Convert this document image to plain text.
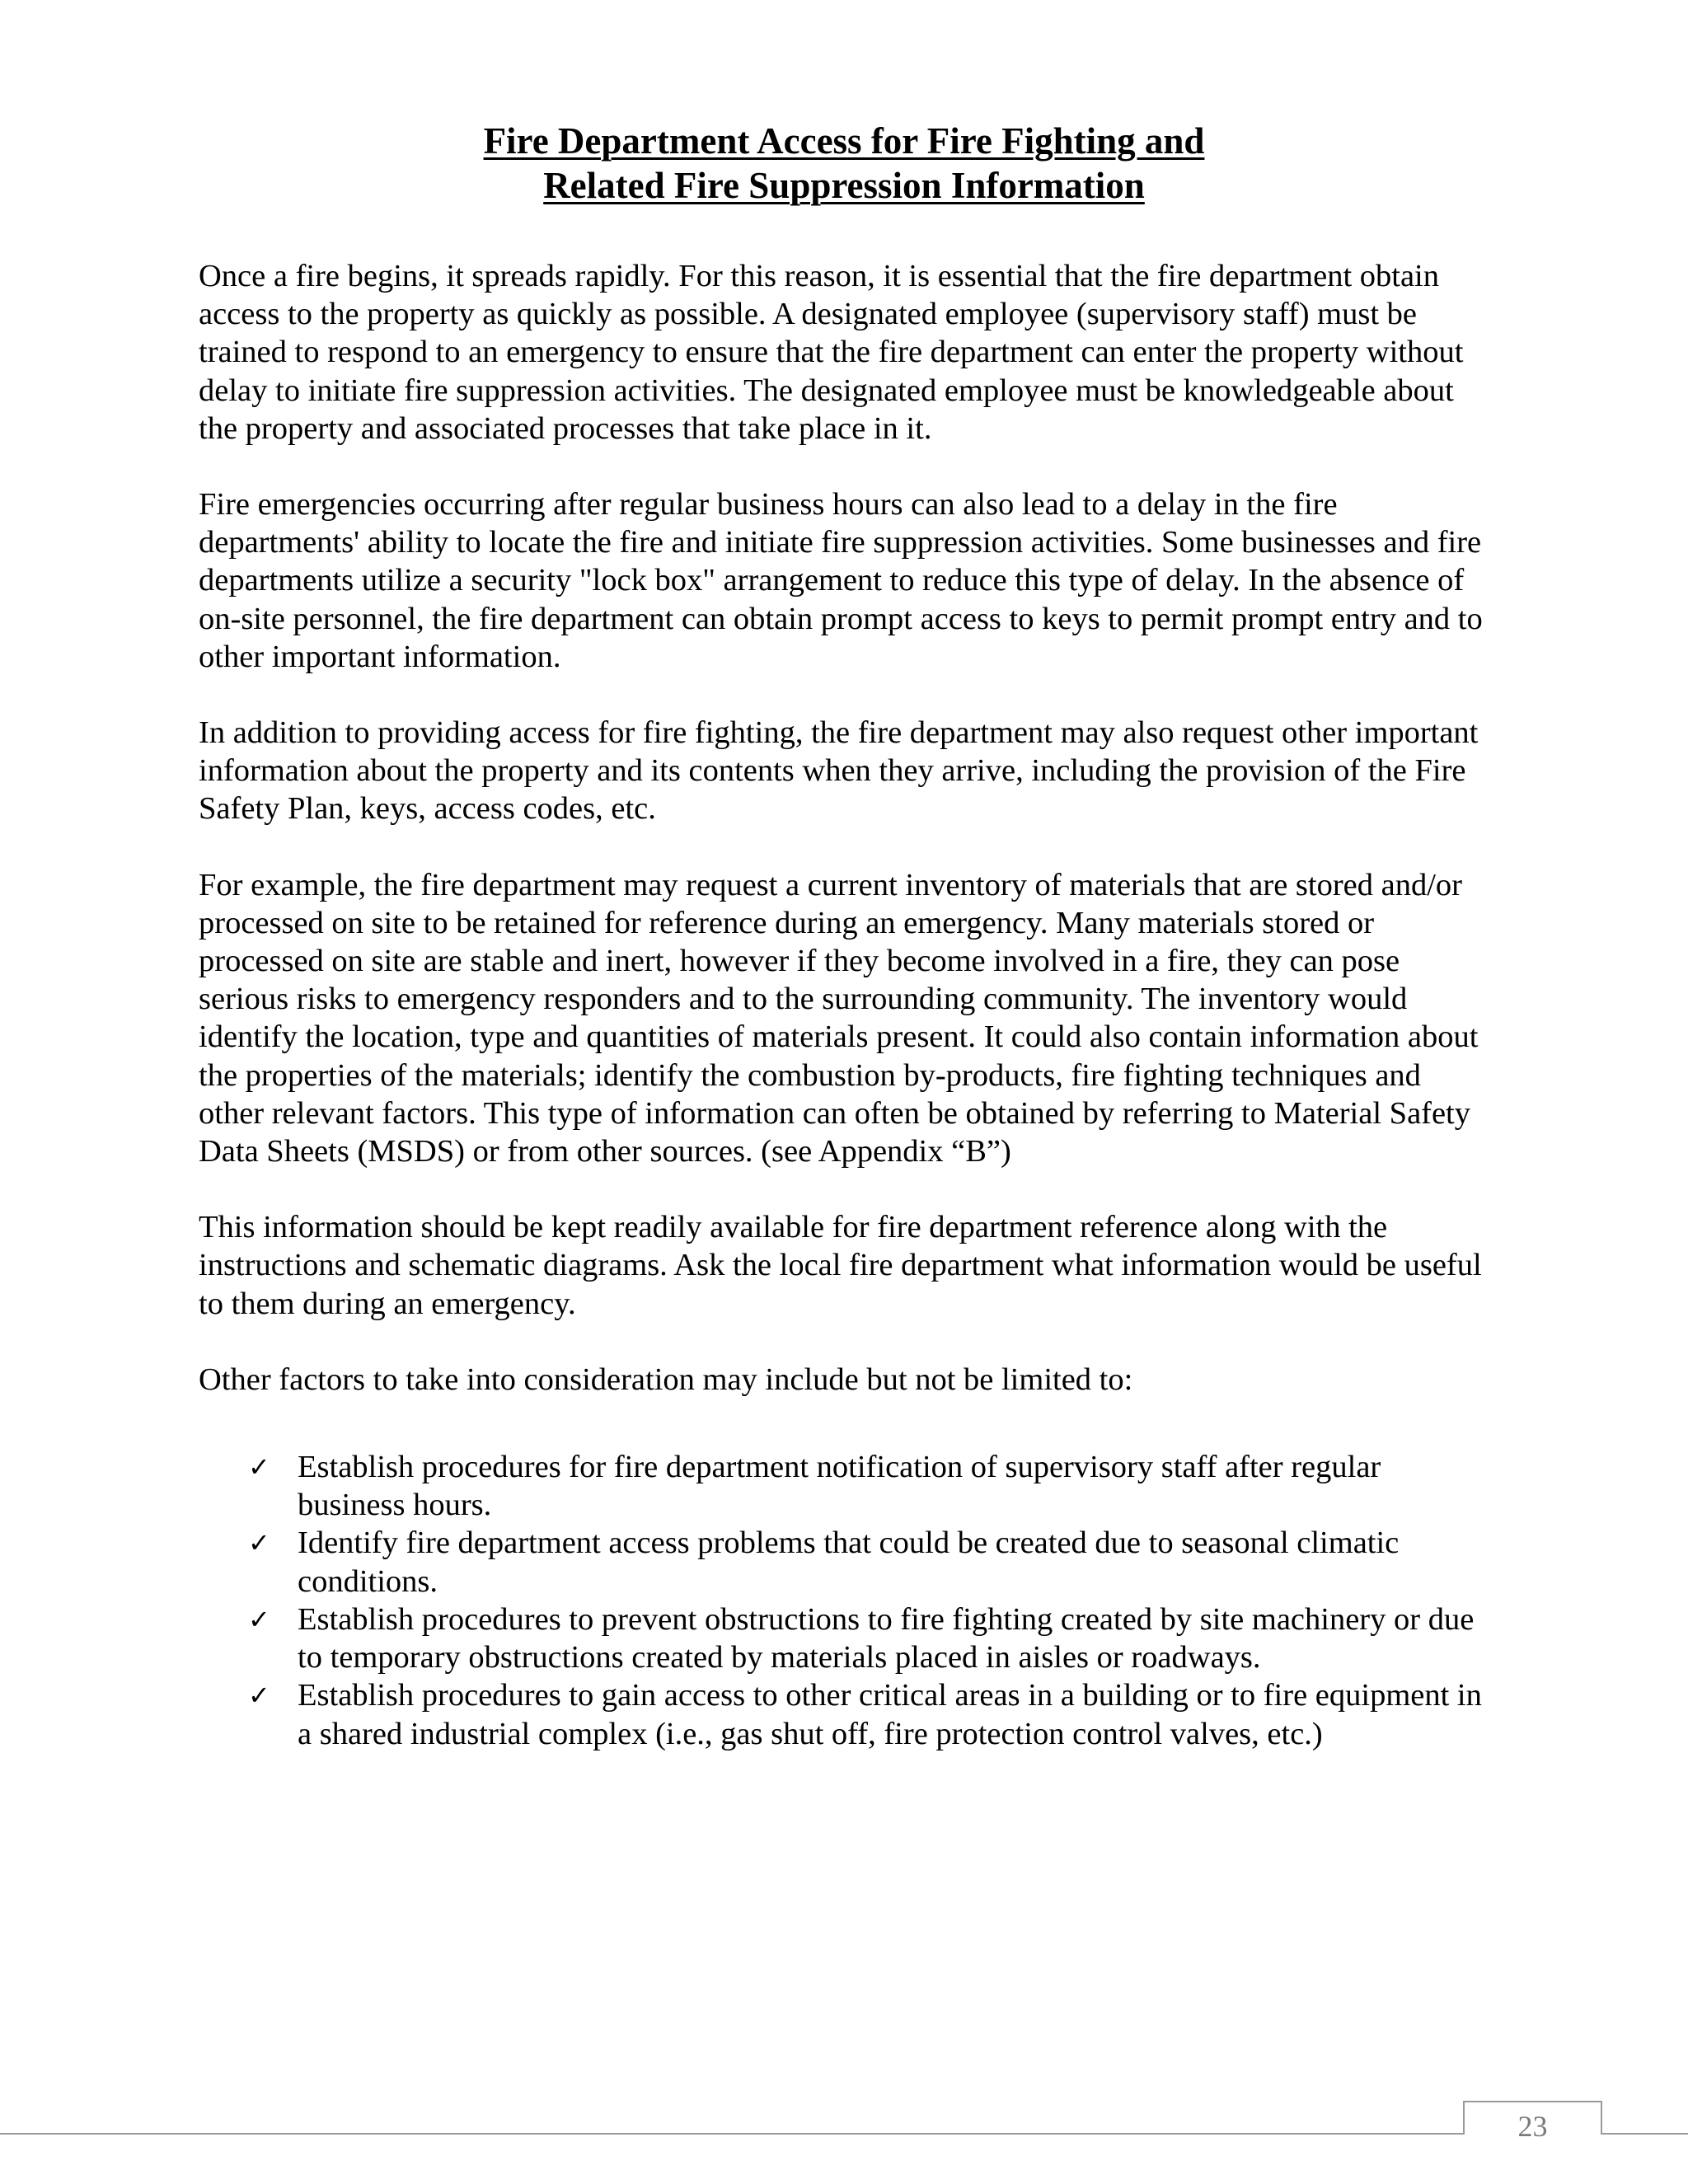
Fire Department Access for Fire Fighting and
Related Fire Suppression Information

Once a fire begins, it spreads rapidly. For this reason, it is essential that the fire department obtain access to the property as quickly as possible. A designated employee (supervisory staff) must be trained to respond to an emergency to ensure that the fire department can enter the property without delay to initiate fire suppression activities. The designated employee must be knowledgeable about the property and associated processes that take place in it.

Fire emergencies occurring after regular business hours can also lead to a delay in the fire departments' ability to locate the fire and initiate fire suppression activities. Some businesses and fire departments utilize a security "lock box" arrangement to reduce this type of delay. In the absence of on-site personnel, the fire department can obtain prompt access to keys to permit prompt entry and to other important information.

In addition to providing access for fire fighting, the fire department may also request other important information about the property and its contents when they arrive, including the provision of the Fire Safety Plan, keys, access codes, etc.

For example, the fire department may request a current inventory of materials that are stored and/or processed on site to be retained for reference during an emergency. Many materials stored or processed on site are stable and inert, however if they become involved in a fire, they can pose serious risks to emergency responders and to the surrounding community. The inventory would identify the location, type and quantities of materials present. It could also contain information about the properties of the materials; identify the combustion by-products, fire fighting techniques and other relevant factors. This type of information can often be obtained by referring to Material Safety Data Sheets (MSDS) or from other sources. (see Appendix “B”)

This information should be kept readily available for fire department reference along with the instructions and schematic diagrams. Ask the local fire department what information would be useful to them during an emergency.

Other factors to take into consideration may include but not be limited to:

✓ Establish procedures for fire department notification of supervisory staff after regular business hours.
✓ Identify fire department access problems that could be created due to seasonal climatic conditions.
✓ Establish procedures to prevent obstructions to fire fighting created by site machinery or due to temporary obstructions created by materials placed in aisles or roadways.
✓ Establish procedures to gain access to other critical areas in a building or to fire equipment in a shared industrial complex (i.e., gas shut off, fire protection control valves, etc.)
23
